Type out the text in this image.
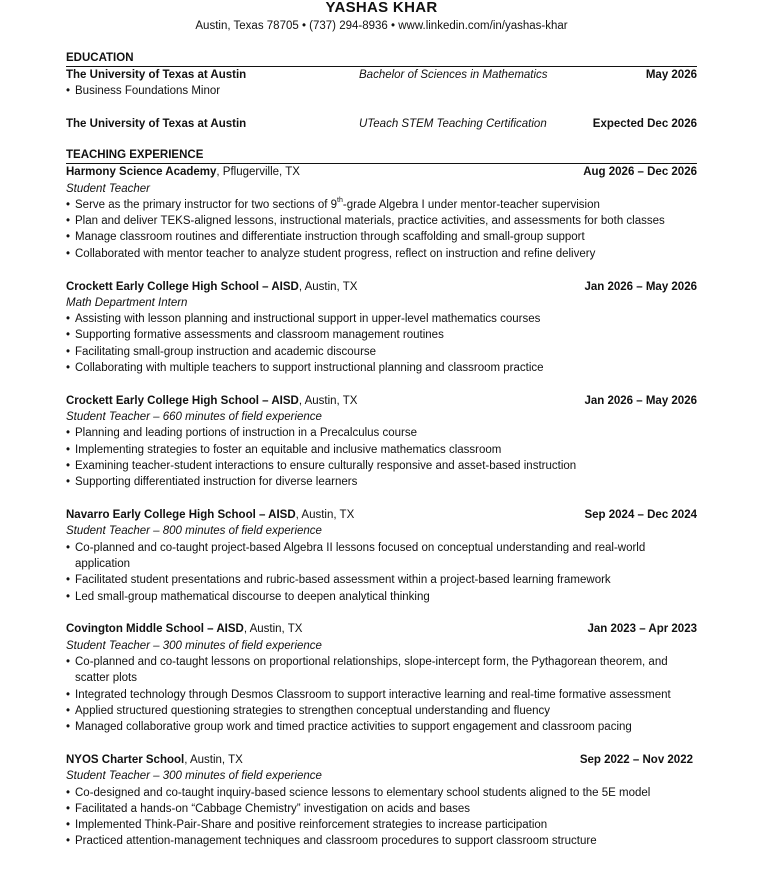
YASHAS KHAR
Austin, Texas 78705 • (737) 294-8936 • www.linkedin.com/in/yashas-khar
EDUCATION
The University of Texas at Austin	Bachelor of Sciences in Mathematics	May 2026
• Business Foundations Minor
The University of Texas at Austin	UTeach STEM Teaching Certification	Expected Dec 2026
TEACHING EXPERIENCE
Harmony Science Academy, Pflugerville, TX	Aug 2026 – Dec 2026
Student Teacher
• Serve as the primary instructor for two sections of 9th-grade Algebra I under mentor-teacher supervision
• Plan and deliver TEKS-aligned lessons, instructional materials, practice activities, and assessments for both classes
• Manage classroom routines and differentiate instruction through scaffolding and small-group support
• Collaborated with mentor teacher to analyze student progress, reflect on instruction and refine delivery
Crockett Early College High School – AISD, Austin, TX	Jan 2026 – May 2026
Math Department Intern
• Assisting with lesson planning and instructional support in upper-level mathematics courses
• Supporting formative assessments and classroom management routines
• Facilitating small-group instruction and academic discourse
• Collaborating with multiple teachers to support instructional planning and classroom practice
Crockett Early College High School – AISD, Austin, TX	Jan 2026 – May 2026
Student Teacher – 660 minutes of field experience
• Planning and leading portions of instruction in a Precalculus course
• Implementing strategies to foster an equitable and inclusive mathematics classroom
• Examining teacher-student interactions to ensure culturally responsive and asset-based instruction
• Supporting differentiated instruction for diverse learners
Navarro Early College High School – AISD, Austin, TX	Sep 2024 – Dec 2024
Student Teacher – 800 minutes of field experience
• Co-planned and co-taught project-based Algebra II lessons focused on conceptual understanding and real-world application
• Facilitated student presentations and rubric-based assessment within a project-based learning framework
• Led small-group mathematical discourse to deepen analytical thinking
Covington Middle School – AISD, Austin, TX	Jan 2023 – Apr 2023
Student Teacher – 300 minutes of field experience
• Co-planned and co-taught lessons on proportional relationships, slope-intercept form, the Pythagorean theorem, and scatter plots
• Integrated technology through Desmos Classroom to support interactive learning and real-time formative assessment
• Applied structured questioning strategies to strengthen conceptual understanding and fluency
• Managed collaborative group work and timed practice activities to support engagement and classroom pacing
NYOS Charter School, Austin, TX	Sep 2022 – Nov 2022
Student Teacher – 300 minutes of field experience
• Co-designed and co-taught inquiry-based science lessons to elementary school students aligned to the 5E model
• Facilitated a hands-on “Cabbage Chemistry” investigation on acids and bases
• Implemented Think-Pair-Share and positive reinforcement strategies to increase participation
• Practiced attention-management techniques and classroom procedures to support classroom structure
